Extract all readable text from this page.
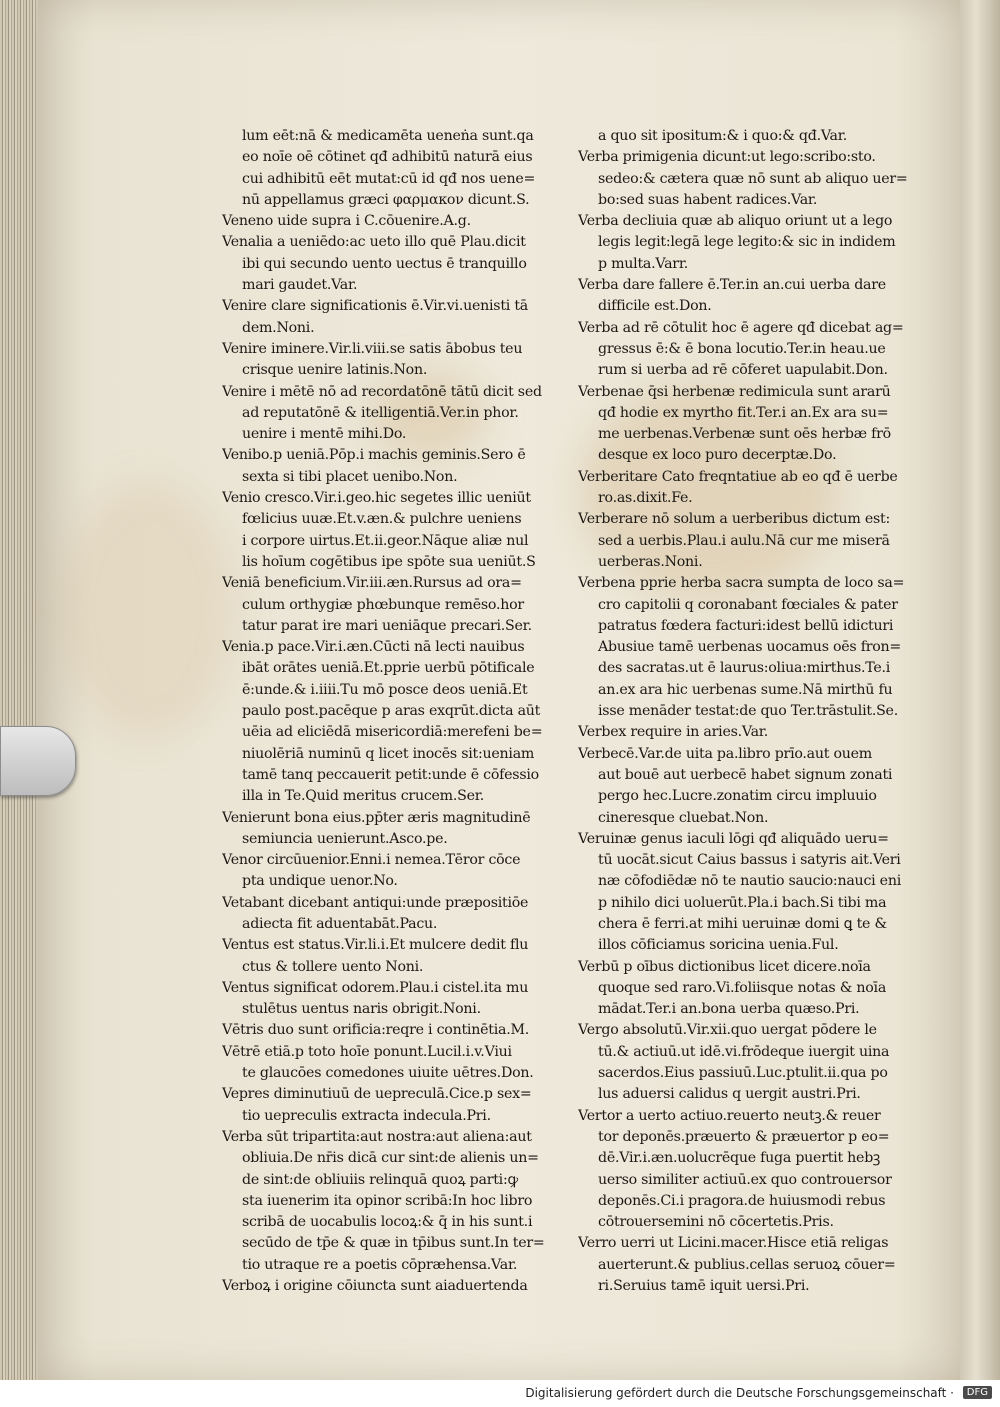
lum eēt:nā & medicamēta ueneṅa sunt.qa
eo noīe oē cōtinet qđ adhibitū naturā eius
cui adhibitū eēt mutat:cū id qđ nos uene=
nū appellamus græci φαρμακον dicunt.S.
Veneno uide supra i C.cōuenire.A.g.
Venalia a ueniēdo:ac ueto illo quē Plau.dicit
ibi qui secundo uento uectus ē tranquillo
mari gaudet.Var.
Venire clare significationis ē.Vir.vi.uenisti tā
dem.Noni.
Venire iminere.Vir.li.viii.se satis ābobus teu
crisque uenire latinis.Non.
Venire i mētē nō ad recordatōnē tātū dicit sed
ad reputatōnē & itelligentiā.Ver.in phor.
uenire i mentē mihi.Do.
Venibo.p ueniā.Pōp.i machis geminis.Sero ē
sexta si tibi placet uenibo.Non.
Venio cresco.Vir.i.geo.hic segetes illic ueniūt
fœlicius uuæ.Et.v.æn.& pulchre ueniens
i corpore uirtus.Et.ii.geor.Nāque aliæ nul
lis hoīum cogētibus ipe spōte sua ueniūt.S
Veniā beneficium.Vir.iii.æn.Rursus ad ora=
culum orthygiæ phœbunque remēso.hor
tatur parat ire mari ueniāque precari.Ser.
Venia.p pace.Vir.i.æn.Cūcti nā lecti nauibus
ibāt orātes ueniā.Et.pprie uerbū pōtificale
ē:unde.& i.iiii.Tu mō posce deos ueniā.Et
paulo post.pacēque p aras exqrūt.dicta aūt
uēia ad eliciēdā misericordiā:merefeni be=
niuolēriā numinū q licet inocēs sit:ueniam
tamē tanq peccauerit petit:unde ē cōfessio
illa in Te.Quid meritus crucem.Ser.
Venierunt bona eius.pp̄ter æris magnitudinē
semiuncia uenierunt.Asco.pe.
Venor circūuenior.Enni.i nemea.Tēror cōce
pta undique uenor.No.
Vetabant dicebant antiqui:unde præpositiōe
adiecta fit aduentabāt.Pacu.
Ventus est status.Vir.li.i.Et mulcere dedit flu
ctus & tollere uento Noni.
Ventus significat odorem.Plau.i cistel.ita mu
stulētus uentus naris obrigit.Noni.
Vētris duo sunt orificia:reqre i continētia.M.
Vētrē etiā.p toto hoīe ponunt.Lucil.i.v.Viui
te glaucōes comedones uiuite uētres.Don.
Vepres diminutiuū de uepreculā.Cice.p sex=
tio uepreculis extracta indecula.Pri.
Verba sūt tripartita:aut nostra:aut aliena:aut
obliuia.De nr̄is dicā cur sint:de alienis un=
de sint:de obliuiis relinquā quoꝝ parti:ꝙ
sta iuenerim ita opinor scribā:In hoc libro
scribā de uocabulis locoꝝ:& q̄ in his sunt.i
secūdo de tp̄e & quæ in tp̄ibus sunt.In ter=
tio utraque re a poetis cōpræhensa.Var.
Verboꝝ i origine cōiuncta sunt aiaduertenda
a quo sit ipositum:& i quo:& qđ.Var.
Verba primigenia dicunt:ut lego:scribo:sto.
sedeo:& cætera quæ nō sunt ab aliquo uer=
bo:sed suas habent radices.Var.
Verba decliuia quæ ab aliquo oriunt ut a lego
legis legit:legā lege legito:& sic in indidem
p multa.Varr.
Verba dare fallere ē.Ter.in an.cui uerba dare
difficile est.Don.
Verba ad rē cōtulit hoc ē agere qđ dicebat ag=
gressus ē:& ē bona locutio.Ter.in heau.ue
rum si uerba ad rē cōferet uapulabit.Don.
Verbenae q̄si herbenæ redimicula sunt ararū
qđ hodie ex myrtho fit.Ter.i an.Ex ara su=
me uerbenas.Verbenæ sunt oēs herbæ frō
desque ex loco puro decerptæ.Do.
Verberitare Cato freqntatiue ab eo qđ ē uerbe
ro.as.dixit.Fe.
Verberare nō solum a uerberibus dictum est:
sed a uerbis.Plau.i aulu.Nā cur me miserā
uerberas.Noni.
Verbena pprie herba sacra sumpta de loco sa=
cro capitolii q coronabant fœciales & pater
patratus fœdera facturi:idest bellū idicturi
Abusiue tamē uerbenas uocamus oēs fron=
des sacratas.ut ē laurus:oliua:mirthus.Te.i
an.ex ara hic uerbenas sume.Nā mirthū fu
isse menāder testat:de quo Ter.trāstulit.Se.
Verbex require in aries.Var.
Verbecē.Var.de uita pa.libro prīo.aut ouem
aut bouē aut uerbecē habet signum zonati
pergo hec.Lucre.zonatim circu impluuio
cineresque cluebat.Non.
Veruinæ genus iaculi lōgi qđ aliquādo ueru=
tū uocāt.sicut Caius bassus i satyris ait.Veri
næ cōfodiēdæ nō te nautio saucio:nauci eni
p nihilo dici uoluerūt.Pla.i bach.Si tibi ma
chera ē ferri.at mihi ueruinæ domi ꝗ te &
illos cōficiamus soricina uenia.Ful.
Verbū p oībus dictionibus licet dicere.noīa
quoque sed raro.Vi.foliisque notas & noīa
mādat.Ter.i an.bona uerba quæso.Pri.
Vergo absolutū.Vir.xii.quo uergat pōdere le
tū.& actiuū.ut idē.vi.frōdeque iuergit uina
sacerdos.Eius passiuū.Luc.ptulit.ii.qua po
lus aduersi calidus q uergit austri.Pri.
Vertor a uerto actiuo.reuerto neutꝫ.& reuer
tor deponēs.præuerto & præuertor p eo=
dē.Vir.i.æn.uolucrēque fuga puertit hebꝫ
uerso similiter actiuū.ex quo controuersor
deponēs.Ci.i pragora.de huiusmodi rebus
cōtrouersemini nō cōcertetis.Pris.
Verro uerri ut Licini.macer.Hisce etiā religas
auerterunt.& publius.cellas seruoꝝ cōuer=
ri.Seruius tamē iquit uersi.Pri.
Digitalisierung gefördert durch die Deutsche Forschungsgemeinschaft ·	DFG
